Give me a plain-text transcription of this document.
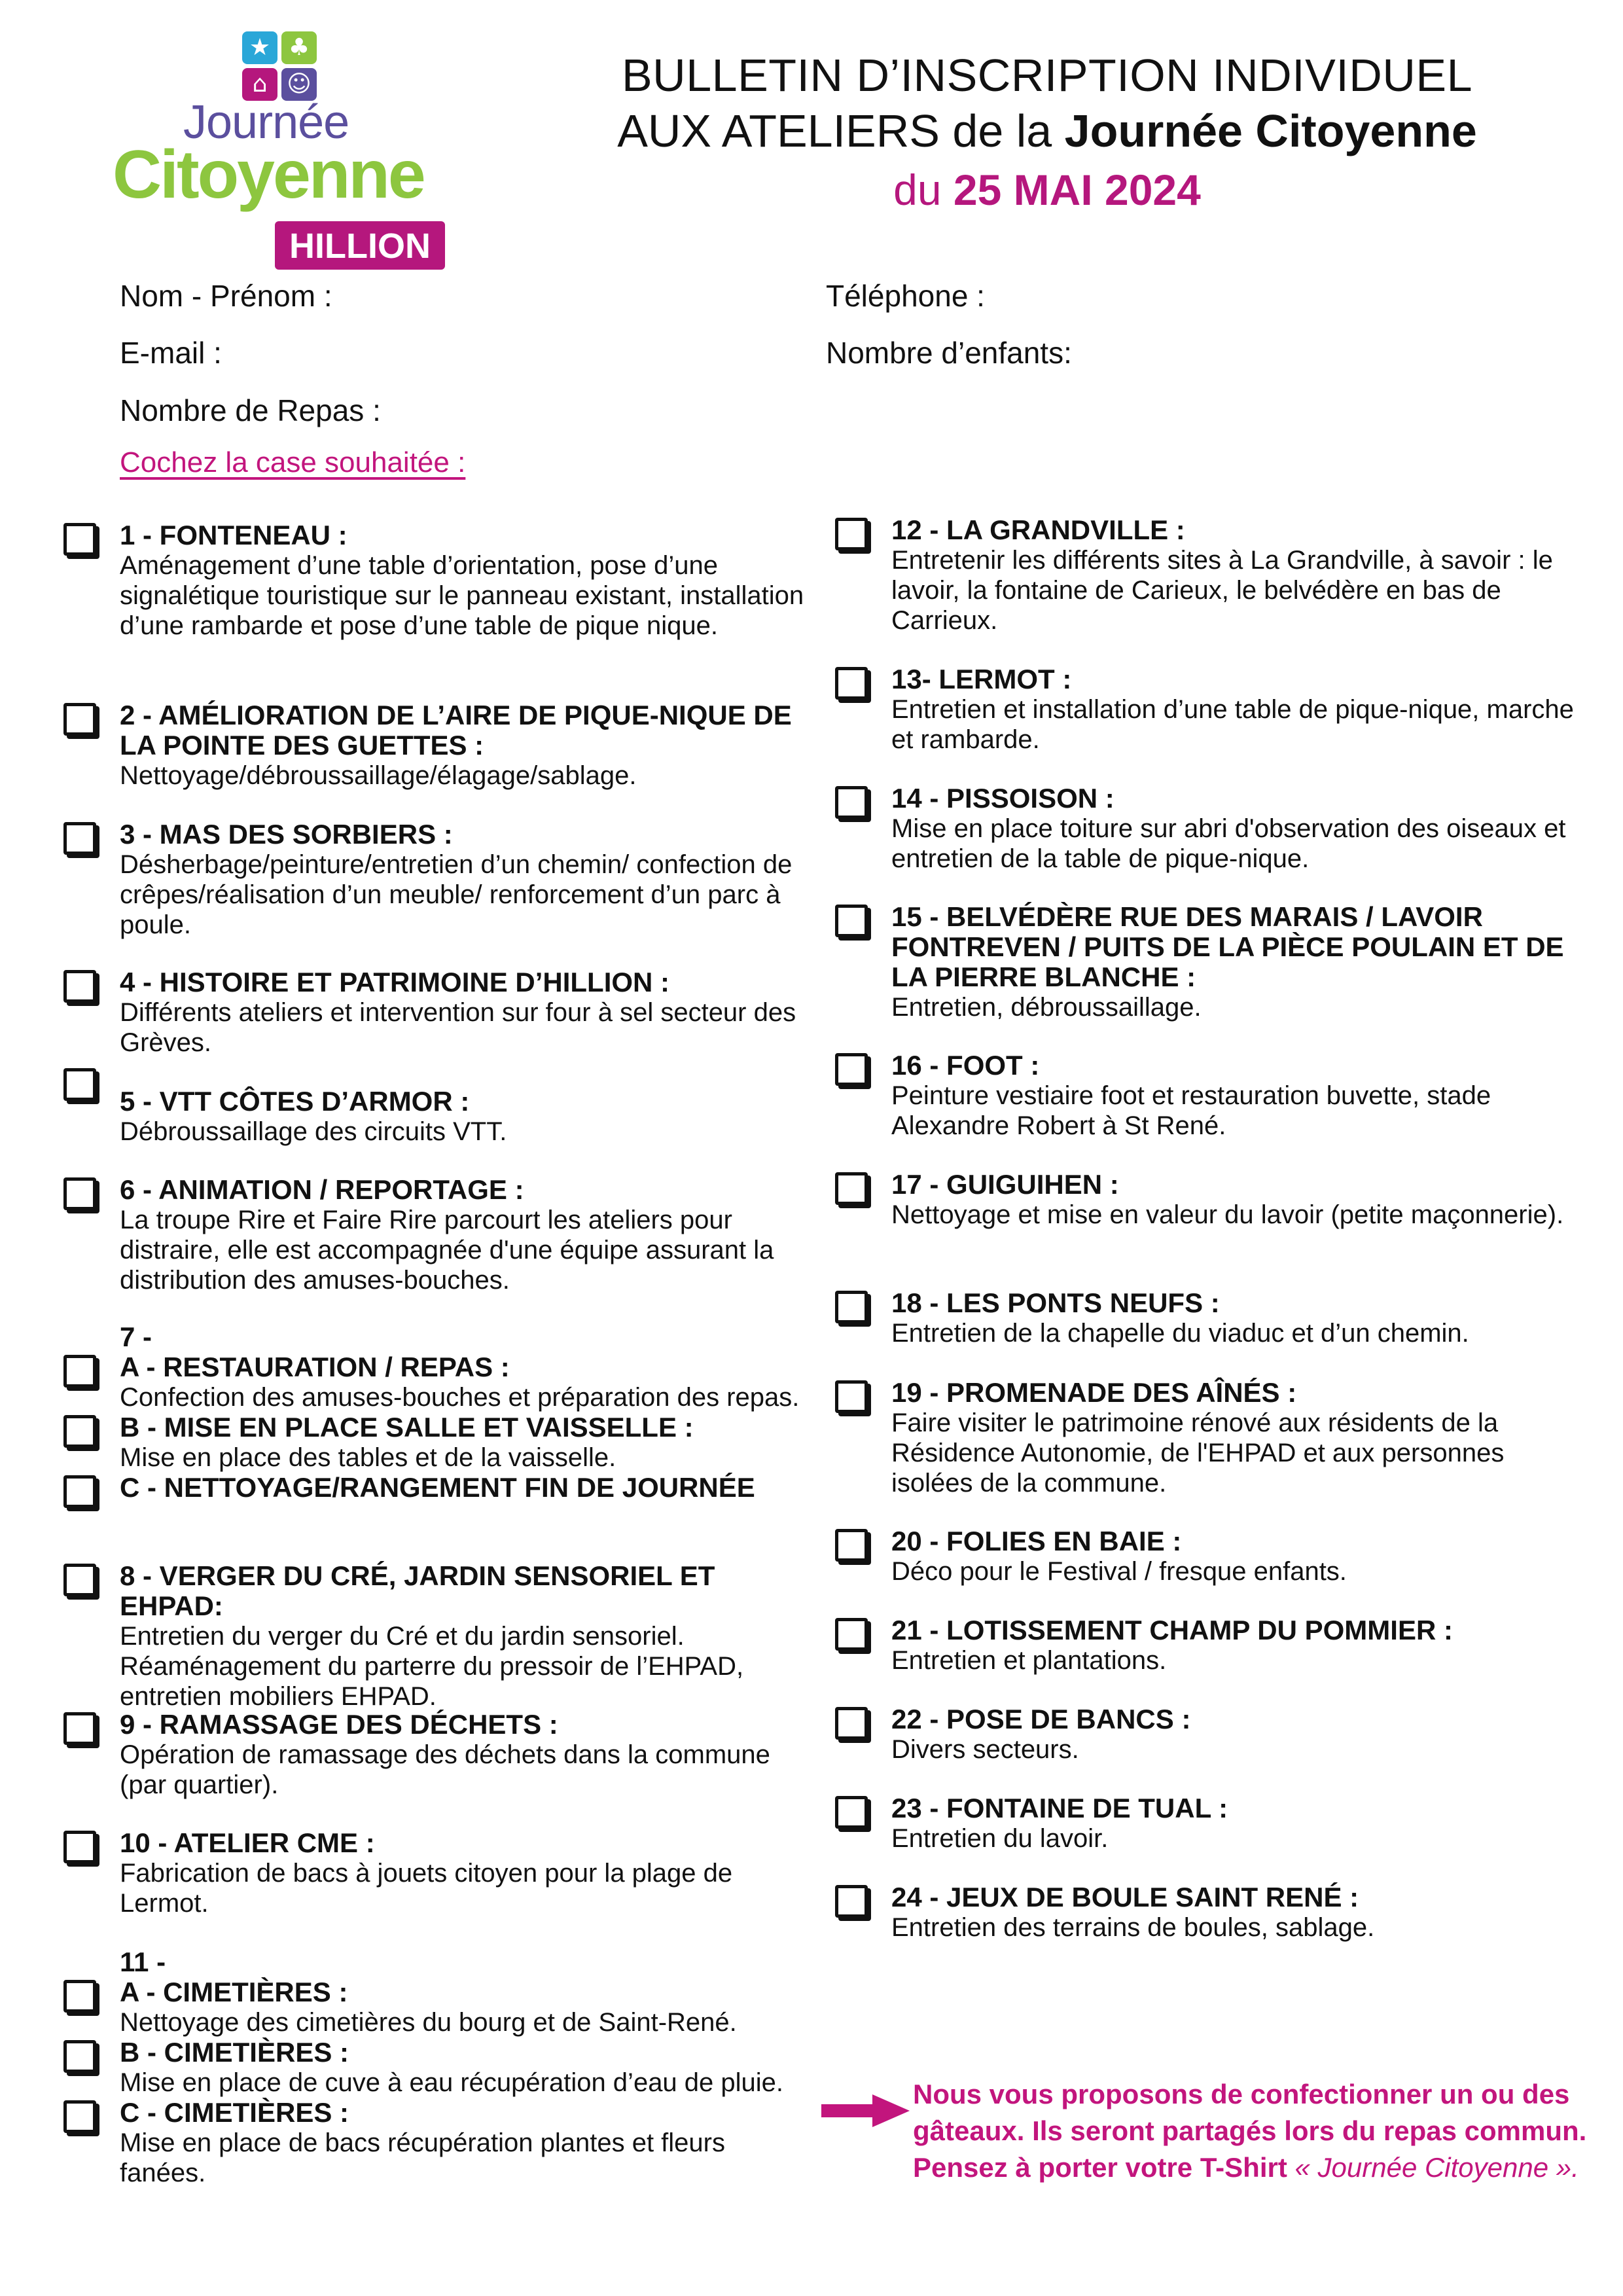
★ ♣
⌂ ☺
Journée
Citoyenne
HILLION
BULLETIN D’INSCRIPTION INDIVIDUEL
AUX ATELIERS de la Journée Citoyenne
du 25 MAI 2024
Nom - Prénom :
E-mail :
Nombre de Repas :
Téléphone :
Nombre d’enfants:
Cochez la case souhaitée :
1 - FONTENEAU :
Aménagement d’une table d’orientation, pose d’une signalétique touristique sur le panneau existant, installation d’une rambarde et pose d’une table de pique nique.
2 - AMÉLIORATION DE L’AIRE DE PIQUE-NIQUE DE LA POINTE DES GUETTES :
Nettoyage/débroussaillage/élagage/sablage.
3 - MAS DES SORBIERS :
Désherbage/peinture/entretien d’un chemin/ confection de crêpes/réalisation d’un meuble/ renforcement d’un parc à poule.
4 - HISTOIRE ET PATRIMOINE D’HILLION :
Différents ateliers et intervention sur four à sel secteur des Grèves.
5 - VTT CÔTES D’ARMOR :
Débroussaillage des circuits VTT.
6 - ANIMATION / REPORTAGE :
La troupe Rire et Faire Rire parcourt les ateliers pour distraire, elle est accompagnée d'une équipe assurant la distribution des amuses-bouches.
7 -
A - RESTAURATION / REPAS :
Confection des amuses-bouches et préparation des repas.
B - MISE EN PLACE SALLE ET VAISSELLE :
Mise en place des tables et de la vaisselle.
C - NETTOYAGE/RANGEMENT FIN DE JOURNÉE
8 - VERGER DU CRÉ, JARDIN SENSORIEL ET EHPAD:
Entretien du verger du Cré et du jardin sensoriel. Réaménagement du parterre du pressoir de l’EHPAD, entretien mobiliers EHPAD.
9 - RAMASSAGE DES DÉCHETS :
Opération de ramassage des déchets dans la commune (par quartier).
10 - ATELIER CME :
Fabrication de bacs à jouets citoyen pour la plage de Lermot.
11 -
A - CIMETIÈRES :
Nettoyage des cimetières du bourg et de Saint-René.
B - CIMETIÈRES :
Mise en place de cuve à eau récupération d’eau de pluie.
C - CIMETIÈRES :
Mise en place de bacs récupération plantes et fleurs fanées.
12 - LA GRANDVILLE :
Entretenir les différents sites à La Grandville, à savoir : le lavoir, la fontaine de Carieux, le belvédère en bas de Carrieux.
13- LERMOT :
Entretien et installation d’une table de pique-nique, marche et rambarde.
14 - PISSOISON :
Mise en place toiture sur abri d'observation des oiseaux et entretien de la table de pique-nique.
15 - BELVÉDÈRE RUE DES MARAIS / LAVOIR FONTREVEN / PUITS DE LA PIÈCE POULAIN ET DE LA PIERRE BLANCHE :
Entretien, débroussaillage.
16 - FOOT :
Peinture vestiaire foot et restauration buvette, stade Alexandre Robert à St René.
17 - GUIGUIHEN :
Nettoyage et mise en valeur du lavoir (petite maçonnerie).
18 - LES PONTS NEUFS :
Entretien de la chapelle du viaduc et d’un chemin.
19 - PROMENADE DES AÎNÉS :
Faire visiter le patrimoine rénové aux résidents de la Résidence Autonomie, de l'EHPAD et aux personnes isolées de la commune.
20 - FOLIES EN BAIE :
Déco pour le Festival / fresque enfants.
21 - LOTISSEMENT CHAMP DU POMMIER :
Entretien et plantations.
22 - POSE DE BANCS :
Divers secteurs.
23 - FONTAINE DE TUAL :
Entretien du lavoir.
24 - JEUX DE BOULE SAINT RENÉ :
Entretien des terrains de boules, sablage.
Nous vous proposons de confectionner un ou des gâteaux. Ils seront partagés lors du repas commun.
Pensez à porter votre T-Shirt « Journée Citoyenne ».
